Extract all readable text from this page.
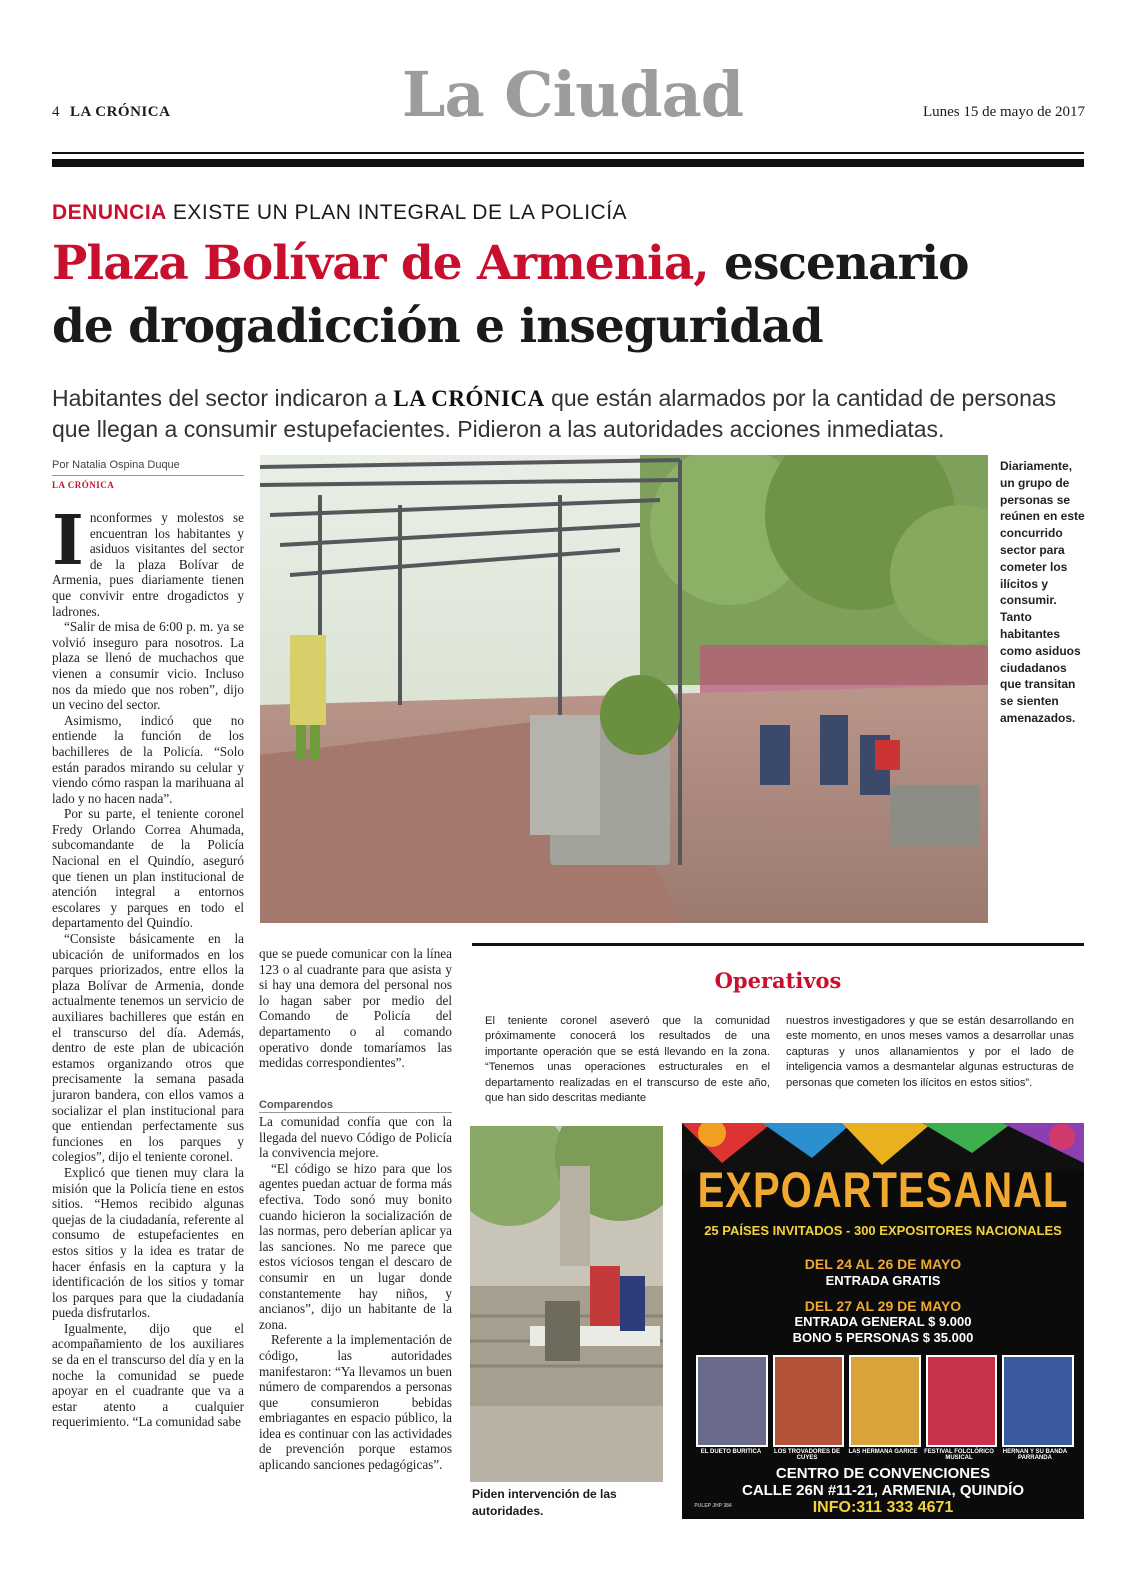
4 LA CRÓNICA	La Ciudad	Lunes 15 de mayo de 2017
DENUNCIA EXISTE UN PLAN INTEGRAL DE LA POLICÍA
Plaza Bolívar de Armenia, escenario
de drogadicción e inseguridad
Habitantes del sector indicaron a LA CRÓNICA que están alarmados por la cantidad de personas que llegan a consumir estupefacientes. Pidieron a las autoridades acciones inmediatas.
Por Natalia Ospina Duque
LA CRÓNICA

Inconformes y molestos se encuentran los habitantes y asiduos visitantes del sector de la plaza Bolívar de Armenia, pues diariamente tienen que convivir entre drogadictos y ladrones.

“Salir de misa de 6:00 p. m. ya se volvió inseguro para nosotros. La plaza se llenó de muchachos que vienen a consumir vicio. Incluso nos da miedo que nos roben”, dijo un vecino del sector.

Asimismo, indicó que no entiende la función de los bachilleres de la Policía. “Solo están parados mirando su celular y viendo cómo raspan la marihuana al lado y no hacen nada”.

Por su parte, el teniente coronel Fredy Orlando Correa Ahumada, subcomandante de la Policía Nacional en el Quindío, aseguró que tienen un plan institucional de atención integral a entornos escolares y parques en todo el departamento del Quindío.

“Consiste básicamente en la ubicación de uniformados en los parques priorizados, entre ellos la plaza Bolívar de Armenia, donde actualmente tenemos un servicio de auxiliares bachilleres que están en el transcurso del día. Además, dentro de este plan de ubicación estamos organizando otros que precisamente la semana pasada juraron bandera, con ellos vamos a socializar el plan institucional para que entiendan perfectamente sus funciones en los parques y colegios”, dijo el teniente coronel.

Explicó que tienen muy clara la misión que la Policía tiene en estos sitios. “Hemos recibido algunas quejas de la ciudadanía, referente al consumo de estupefacientes en estos sitios y la idea es tratar de hacer énfasis en la captura y la identificación de los sitios y tomar los parques para que la ciudadanía pueda disfrutarlos.

Igualmente, dijo que el acompañamiento de los auxiliares se da en el transcurso del día y en la noche la comunidad se puede apoyar en el cuadrante que va a estar atento a cualquier requerimiento. “La comunidad sabe

Diariamente, un grupo de personas se reúnen en este concurrido sector para cometer los ilícitos y consumir. Tanto habitantes como asiduos ciudadanos que transitan se sienten amenazados.

que se puede comunicar con la línea 123 o al cuadrante para que asista y si hay una demora del personal nos lo hagan saber por medio del Comando de Policía del departamento o al comando operativo donde tomaríamos las medidas correspondientes”.

Comparendos

La comunidad confía que con la llegada del nuevo Código de Policía la convivencia mejore.

“El código se hizo para que los agentes puedan actuar de forma más efectiva. Todo sonó muy bonito cuando hicieron la socialización de las normas, pero deberían aplicar ya las sanciones. No me parece que estos viciosos tengan el descaro de consumir en un lugar donde constantemente hay niños, y ancianos”, dijo un habitante de la zona.

Referente a la implementación de código, las autoridades manifestaron: “Ya llevamos un buen número de comparendos a personas que consumieron bebidas embriagantes en espacio público, la idea es continuar con las actividades de prevención porque estamos aplicando sanciones pedagógicas”.

Operativos
El teniente coronel aseveró que la comunidad próximamente conocerá los resultados de una importante operación que se está llevando en la zona. “Tenemos unas operaciones estructurales en el departamento realizadas en el transcurso de este año, que han sido descritas mediante
nuestros investigadores y que se están desarrollando en este momento, en unos meses vamos a desarrollar unas capturas y unos allanamientos y por el lado de inteligencia vamos a desmantelar algunas estructuras de personas que cometen los ilícitos en estos sitios”.
Piden intervención de las autoridades.
EXPOARTESANAL
25 PAÍSES INVITADOS - 300 EXPOSITORES NACIONALES
DEL 24 AL 26 DE MAYO
ENTRADA GRATIS
DEL 27 AL 29 DE MAYO
ENTRADA GENERAL $ 9.000
BONO 5 PERSONAS $ 35.000
EL DUETO BURITICA	LOS TROVADORES DE CUYES
LAS HERMANA GARICE FESTIVAL FOLCLÓRICO MUSICAL
HERNAN Y SU BANDA PARRANDA
CENTRO DE CONVENCIONES
CALLE 26N #11-21, ARMENIA, QUINDÍO
INFO:311 333 4671
PULEP JHP 384
